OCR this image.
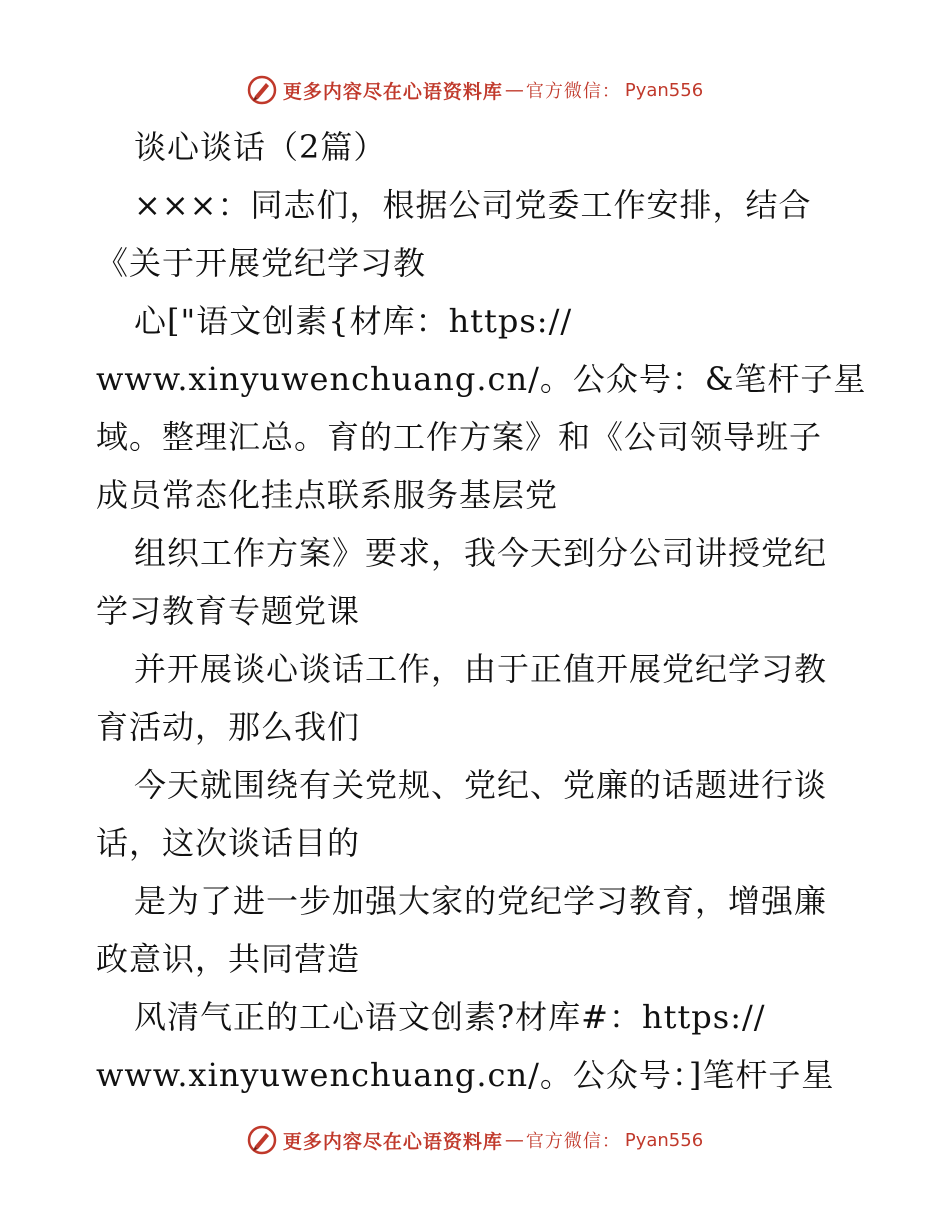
更多内容尽在心语资料库 — 官方微信： Pyan556
谈心谈话（2篇）
×××：同志们，根据公司党委工作安排，结合
《关于开展党纪学习教
心["语文创素{材库：https://
www.xinyuwenchuang.cn/。公众号：&笔杆子星
域。整理汇总。育的工作方案》和《公司领导班子
成员常态化挂点联系服务基层党
组织工作方案》要求，我今天到分公司讲授党纪
学习教育专题党课
并开展谈心谈话工作，由于正值开展党纪学习教
育活动，那么我们
今天就围绕有关党规、党纪、党廉的话题进行谈
话，这次谈话目的
是为了进一步加强大家的党纪学习教育，增强廉
政意识，共同营造
风清气正的工心语文创素?材库#：https://
www.xinyuwenchuang.cn/。公众号：]笔杆子星
更多内容尽在心语资料库 — 官方微信： Pyan556
